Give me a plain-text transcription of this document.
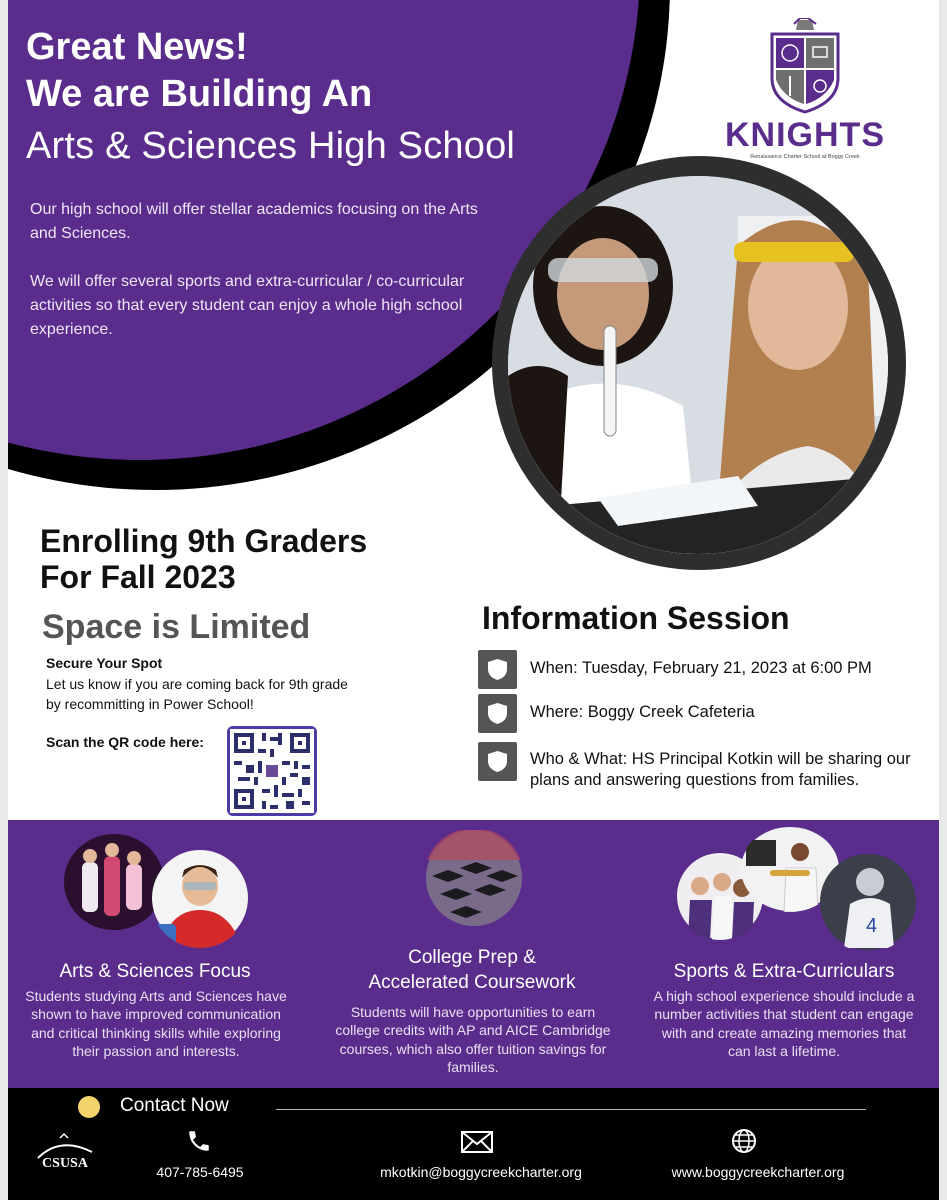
Great News!
We are Building An
Arts & Sciences High School

Our high school will offer stellar academics focusing on the Arts and Sciences.

We will offer several sports and extra-curricular / co-curricular activities so that every student can enjoy a whole high school experience.

KNIGHTS
Renaissance Charter School at Boggy Creek
Enrolling 9th Graders
For Fall 2023
Space is Limited
Secure Your Spot
Let us know if you are coming back for 9th grade by recommitting in Power School!
Scan the QR code here:
Information Session
When: Tuesday, February 21, 2023 at 6:00 PM
Where: Boggy Creek Cafeteria
Who & What: HS Principal Kotkin will be sharing our plans and answering questions from families.
4
Arts & Sciences Focus
Students studying Arts and Sciences have shown to have improved communication and critical thinking skills while exploring their passion and interests.
College Prep &
Accelerated Coursework
Students will have opportunities to earn college credits with AP and AICE Cambridge courses, which also offer tuition savings for families.
Sports & Extra-Curriculars
A high school experience should include a number activities that student can engage with and create amazing memories that can last a lifetime.
Contact Now
CSUSA
407-785-6495	mkotkin@boggycreekcharter.org	www.boggycreekcharter.org
